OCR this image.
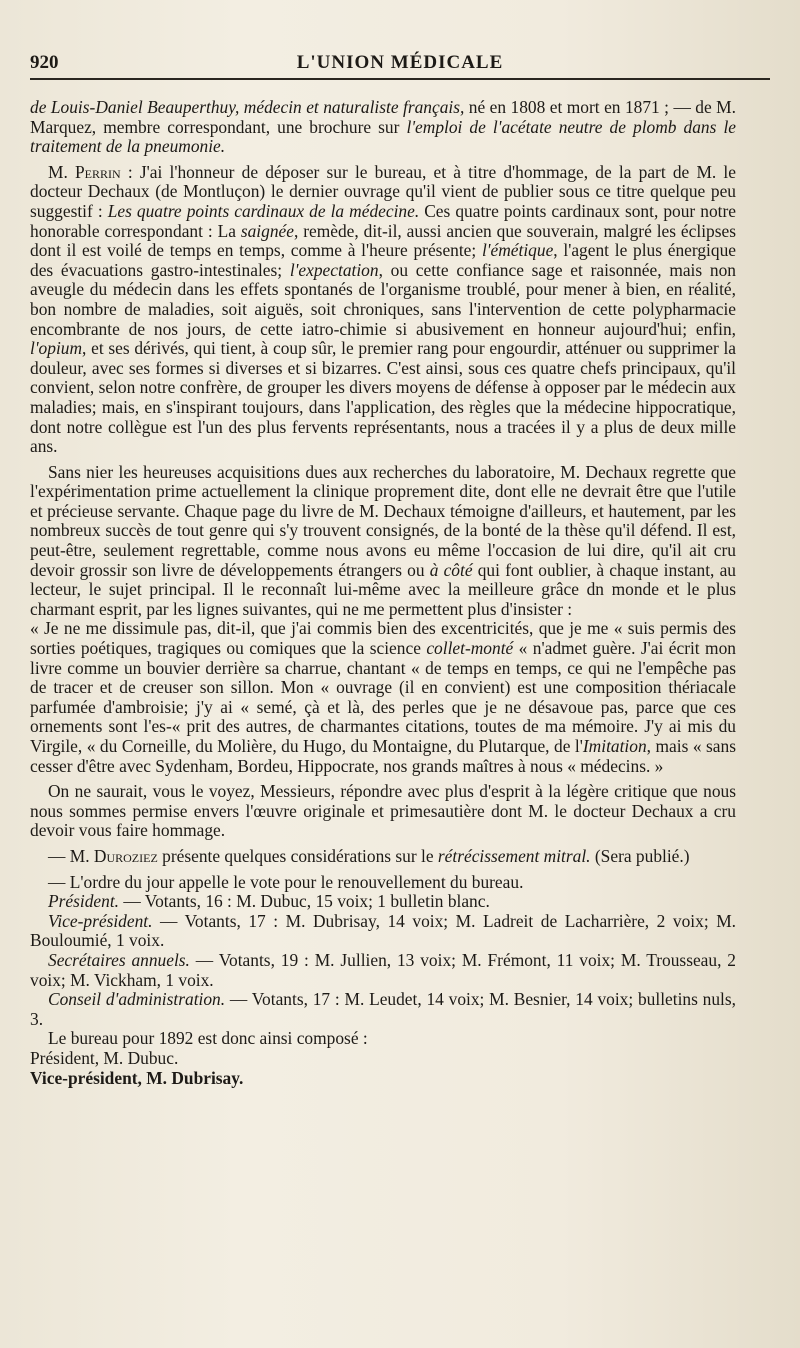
920	L'UNION MÉDICALE

de Louis-Daniel Beauperthuy, médecin et naturaliste français, né en 1808 et mort en 1871 ; — de M. Marquez, membre correspondant, une brochure sur l'emploi de l'acétate neutre de plomb dans le traitement de la pneumonie.

M. Perrin : J'ai l'honneur de déposer sur le bureau, et à titre d'hommage, de la part de M. le docteur Dechaux (de Montluçon) le dernier ouvrage qu'il vient de publier sous ce titre quelque peu suggestif : Les quatre points cardinaux de la médecine. Ces quatre points cardinaux sont, pour notre honorable correspondant : La saignée, remède, dit-il, aussi ancien que souverain, malgré les éclipses dont il est voilé de temps en temps, comme à l'heure présente; l'émétique, l'agent le plus énergique des évacuations gastro-intestinales; l'expectation, ou cette confiance sage et raisonnée, mais non aveugle du médecin dans les effets spontanés de l'organisme troublé, pour mener à bien, en réalité, bon nombre de maladies, soit aiguës, soit chroniques, sans l'intervention de cette polypharmacie encombrante de nos jours, de cette iatro-chimie si abusivement en honneur aujourd'hui; enfin, l'opium, et ses dérivés, qui tient, à coup sûr, le premier rang pour engourdir, atténuer ou supprimer la douleur, avec ses formes si diverses et si bizarres. C'est ainsi, sous ces quatre chefs principaux, qu'il convient, selon notre confrère, de grouper les divers moyens de défense à opposer par le médecin aux maladies; mais, en s'inspirant toujours, dans l'application, des règles que la médecine hippocratique, dont notre collègue est l'un des plus fervents représentants, nous a tracées il y a plus de deux mille ans.

Sans nier les heureuses acquisitions dues aux recherches du laboratoire, M. Dechaux regrette que l'expérimentation prime actuellement la clinique proprement dite, dont elle ne devrait être que l'utile et précieuse servante. Chaque page du livre de M. Dechaux témoigne d'ailleurs, et hautement, par les nombreux succès de tout genre qui s'y trouvent consignés, de la bonté de la thèse qu'il défend. Il est, peut-être, seulement regrettable, comme nous avons eu même l'occasion de lui dire, qu'il ait cru devoir grossir son livre de développements étrangers ou à côté qui font oublier, à chaque instant, au lecteur, le sujet principal. Il le reconnaît lui-même avec la meilleure grâce dn monde et le plus charmant esprit, par les lignes suivantes, qui ne me permettent plus d'insister :

« Je ne me dissimule pas, dit-il, que j'ai commis bien des excentricités, que je me « suis permis des sorties poétiques, tragiques ou comiques que la science collet-monté « n'admet guère. J'ai écrit mon livre comme un bouvier derrière sa charrue, chantant « de temps en temps, ce qui ne l'empêche pas de tracer et de creuser son sillon. Mon « ouvrage (il en convient) est une composition thériacale parfumée d'ambroisie; j'y ai « semé, çà et là, des perles que je ne désavoue pas, parce que ces ornements sont l'es-« prit des autres, de charmantes citations, toutes de ma mémoire. J'y ai mis du Virgile, « du Corneille, du Molière, du Hugo, du Montaigne, du Plutarque, de l'Imitation, mais « sans cesser d'être avec Sydenham, Bordeu, Hippocrate, nos grands maîtres à nous « médecins. »

On ne saurait, vous le voyez, Messieurs, répondre avec plus d'esprit à la légère critique que nous nous sommes permise envers l'œuvre originale et primesautière dont M. le docteur Dechaux a cru devoir vous faire hommage.

— M. Duroziez présente quelques considérations sur le rétrécissement mitral. (Sera publié.)

— L'ordre du jour appelle le vote pour le renouvellement du bureau.

Président. — Votants, 16 : M. Dubuc, 15 voix; 1 bulletin blanc.

Vice-président. — Votants, 17 : M. Dubrisay, 14 voix; M. Ladreit de Lacharrière, 2 voix; M. Bouloumié, 1 voix.

Secrétaires annuels. — Votants, 19 : M. Jullien, 13 voix; M. Frémont, 11 voix; M. Trousseau, 2 voix; M. Vickham, 1 voix.

Conseil d'administration. — Votants, 17 : M. Leudet, 14 voix; M. Besnier, 14 voix; bulletins nuls, 3.

Le bureau pour 1892 est donc ainsi composé :

Président, M. Dubuc.

Vice-président, M. Dubrisay.
